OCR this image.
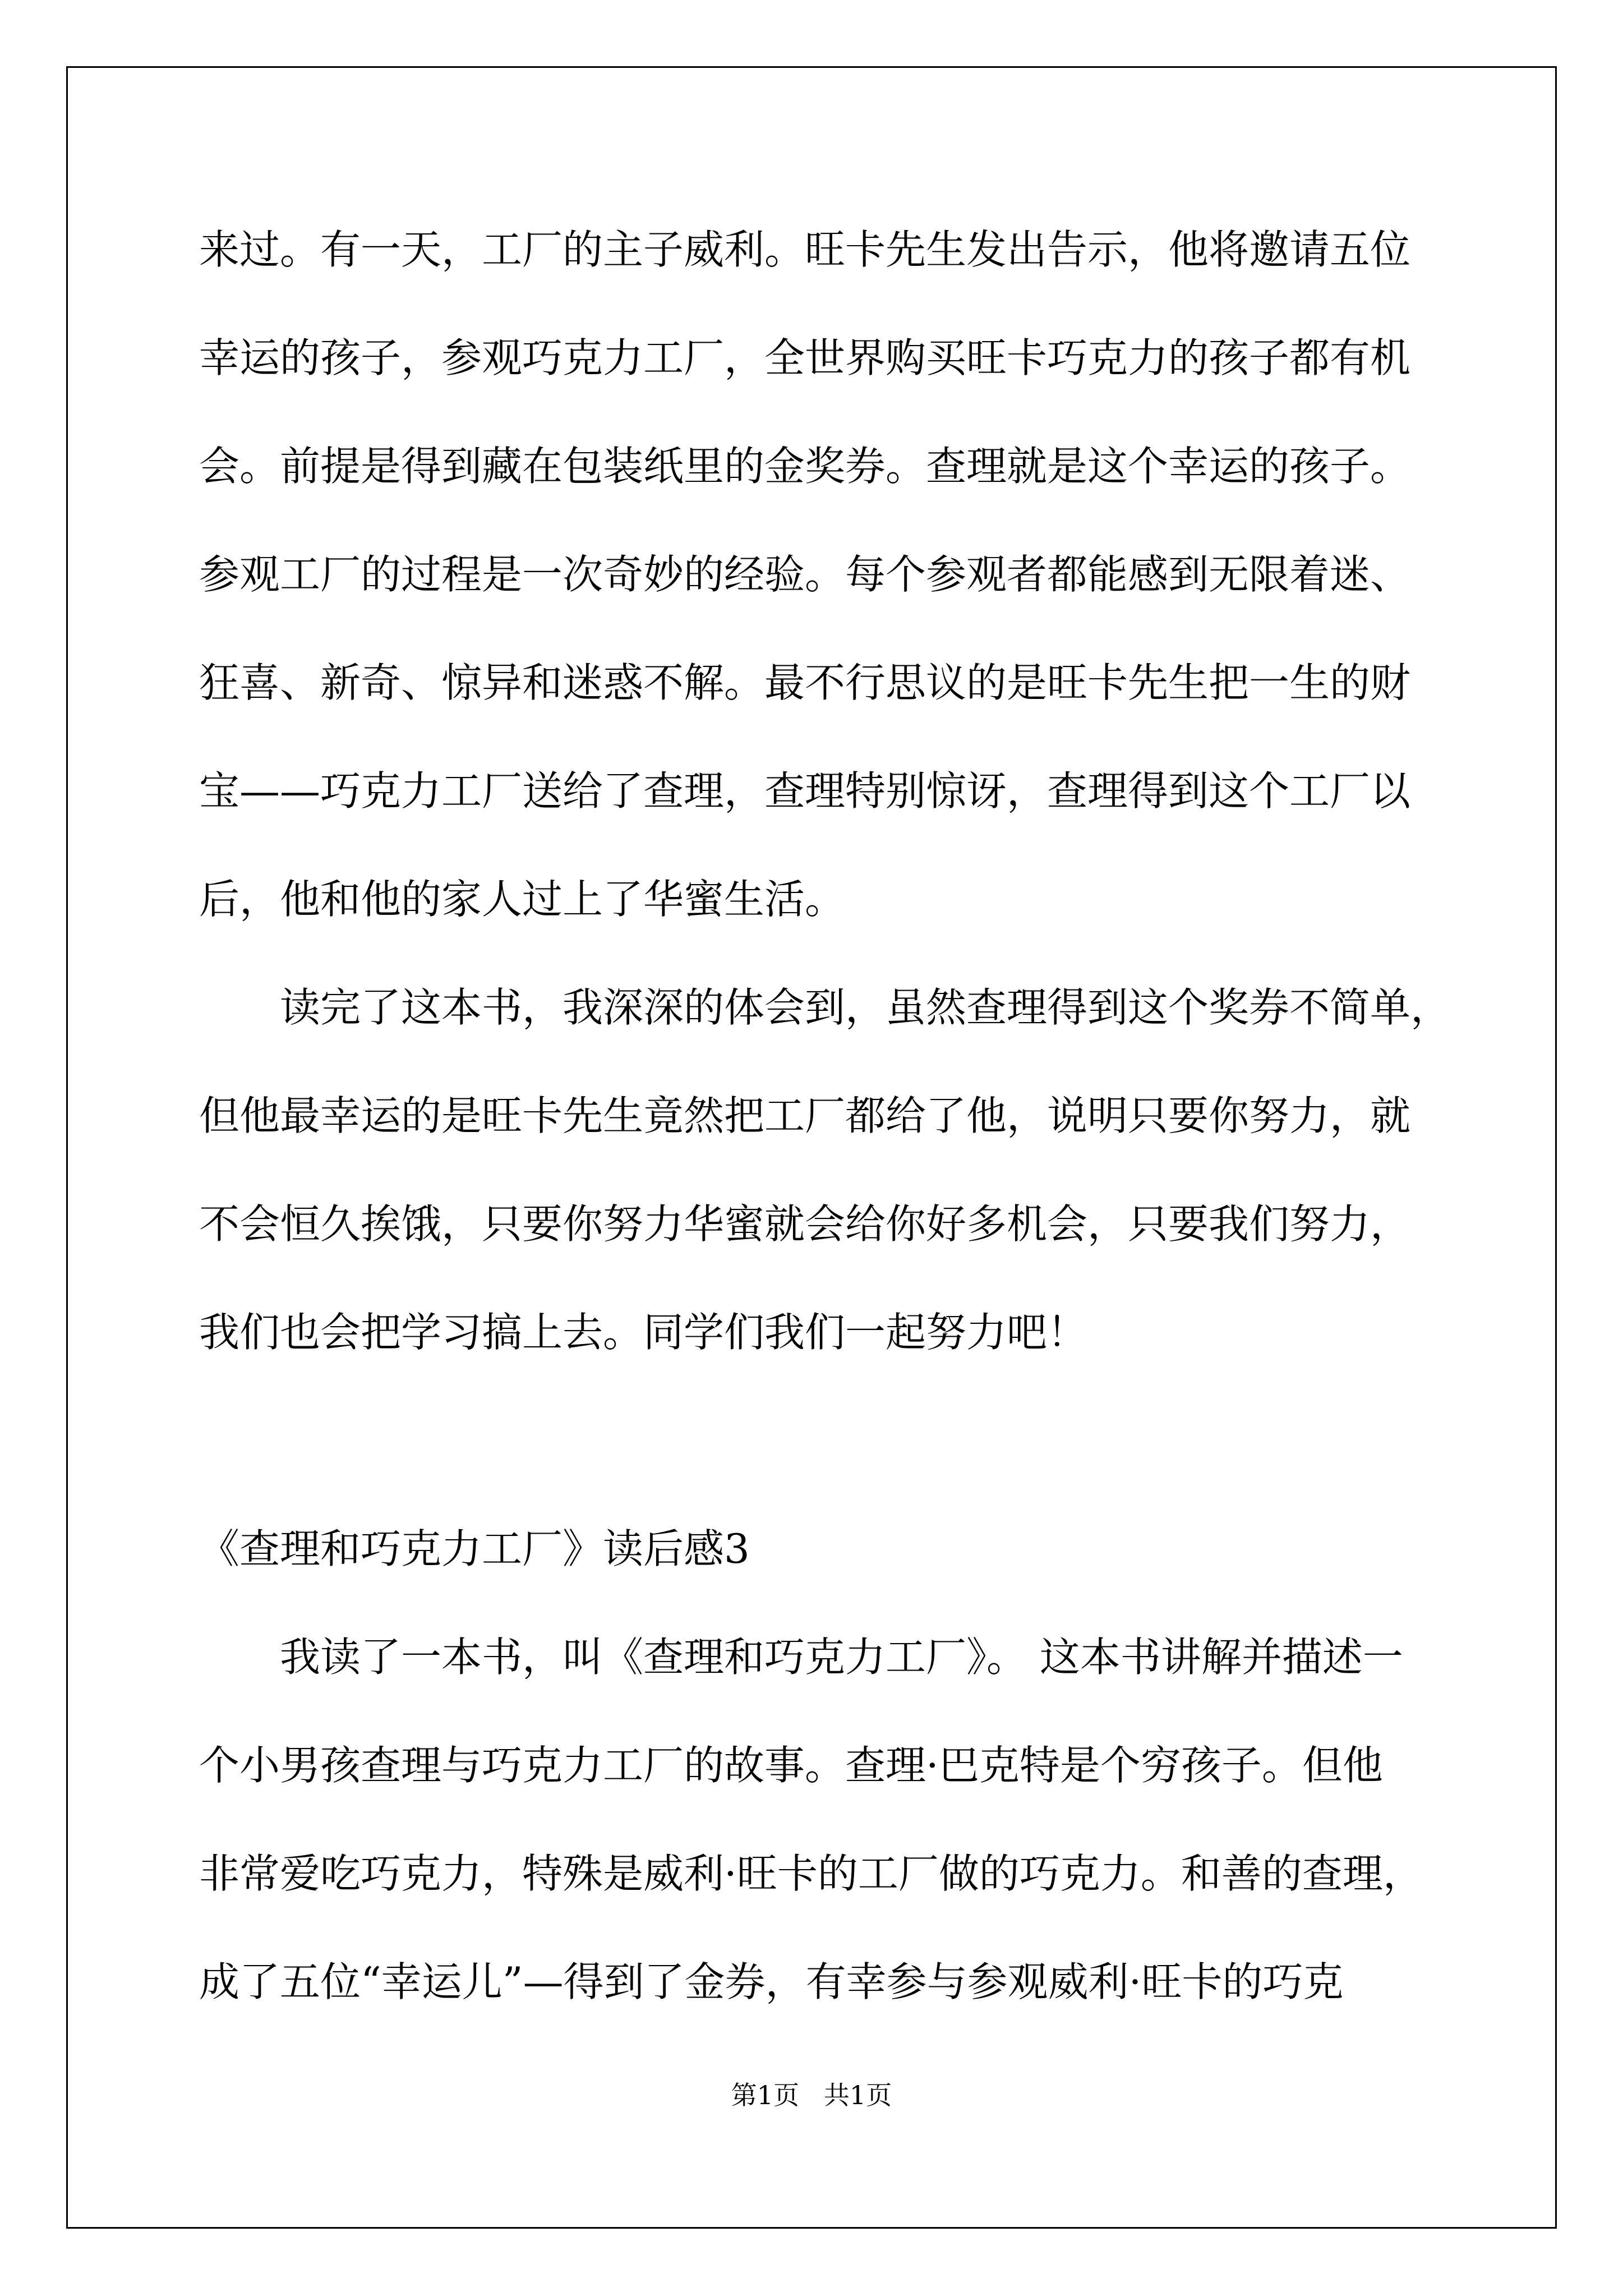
来过。有一天，工厂的主子威利。旺卡先生发出告示，他将邀请五位
幸运的孩子，参观巧克力工厂，全世界购买旺卡巧克力的孩子都有机
会。前提是得到藏在包装纸里的金奖券。查理就是这个幸运的孩子。
参观工厂的过程是一次奇妙的经验。每个参观者都能感到无限着迷、
狂喜、新奇、惊异和迷惑不解。最不行思议的是旺卡先生把一生的财
宝——巧克力工厂送给了查理，查理特别惊讶，查理得到这个工厂以
后，他和他的家人过上了华蜜生活。
　　读完了这本书，我深深的体会到，虽然查理得到这个奖券不简单，
但他最幸运的是旺卡先生竟然把工厂都给了他，说明只要你努力，就
不会恒久挨饿，只要你努力华蜜就会给你好多机会，只要我们努力，
我们也会把学习搞上去。同学们我们一起努力吧！
《查理和巧克力工厂》读后感3
　　我读了一本书，叫《查理和巧克力工厂》。 这本书讲解并描述一
个小男孩查理与巧克力工厂的故事。查理·巴克特是个穷孩子。但他
非常爱吃巧克力，特殊是威利·旺卡的工厂做的巧克力。和善的查理，
成了五位“幸运儿”—得到了金券，有幸参与参观威利·旺卡的巧克
第1页   共1页
